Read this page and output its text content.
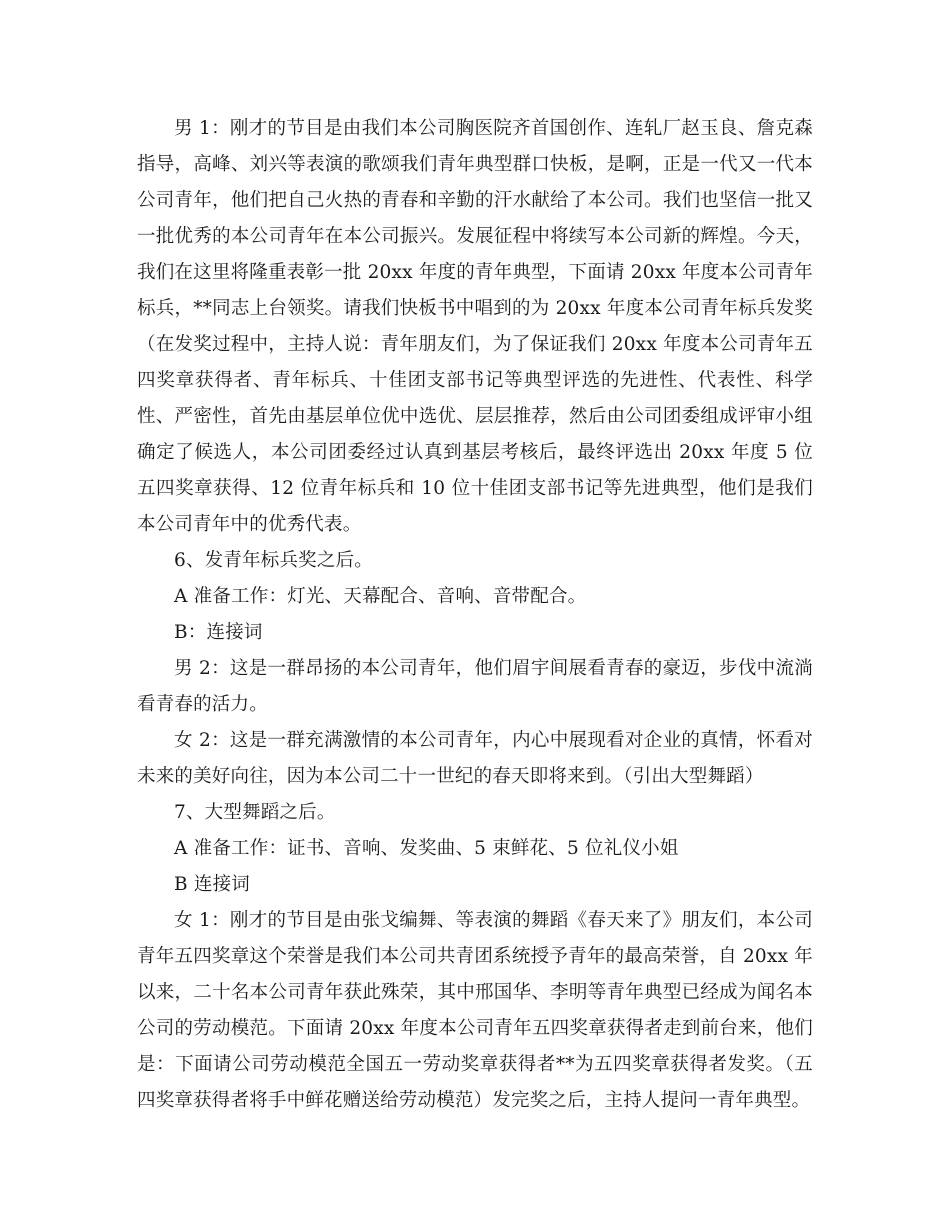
男 1：刚才的节目是由我们本公司胸医院齐首国创作、连轧厂赵玉良、詹克森指导，高峰、刘兴等表演的歌颂我们青年典型群口快板，是啊，正是一代又一代本公司青年，他们把自己火热的青春和辛勤的汗水献给了本公司。我们也坚信一批又一批优秀的本公司青年在本公司振兴。发展征程中将续写本公司新的辉煌。今天，我们在这里将隆重表彰一批 20xx 年度的青年典型，下面请 20xx 年度本公司青年标兵，**同志上台领奖。请我们快板书中唱到的为 20xx 年度本公司青年标兵发奖（在发奖过程中，主持人说：青年朋友们，为了保证我们 20xx 年度本公司青年五四奖章获得者、青年标兵、十佳团支部书记等典型评选的先进性、代表性、科学性、严密性，首先由基层单位优中选优、层层推荐，然后由公司团委组成评审小组确定了候选人，本公司团委经过认真到基层考核后，最终评选出 20xx 年度 5 位五四奖章获得、12 位青年标兵和 10 位十佳团支部书记等先进典型，他们是我们本公司青年中的优秀代表。

6、发青年标兵奖之后。

A 准备工作：灯光、天幕配合、音响、音带配合。

B：连接词

男 2：这是一群昂扬的本公司青年，他们眉宇间展看青春的豪迈，步伐中流淌看青春的活力。

女 2：这是一群充满激情的本公司青年，内心中展现看对企业的真情，怀看对未来的美好向往，因为本公司二十一世纪的春天即将来到。（引出大型舞蹈）

7、大型舞蹈之后。

A 准备工作：证书、音响、发奖曲、5 束鲜花、5 位礼仪小姐

B 连接词

女 1：刚才的节目是由张戈编舞、等表演的舞蹈《春天来了》朋友们，本公司青年五四奖章这个荣誉是我们本公司共青团系统授予青年的最高荣誉，自 20xx 年以来，二十名本公司青年获此殊荣，其中邢国华、李明等青年典型已经成为闻名本公司的劳动模范。下面请 20xx 年度本公司青年五四奖章获得者走到前台来，他们是：下面请公司劳动模范全国五一劳动奖章获得者**为五四奖章获得者发奖。（五四奖章获得者将手中鲜花赠送给劳动模范）发完奖之后，主持人提问一青年典型。
